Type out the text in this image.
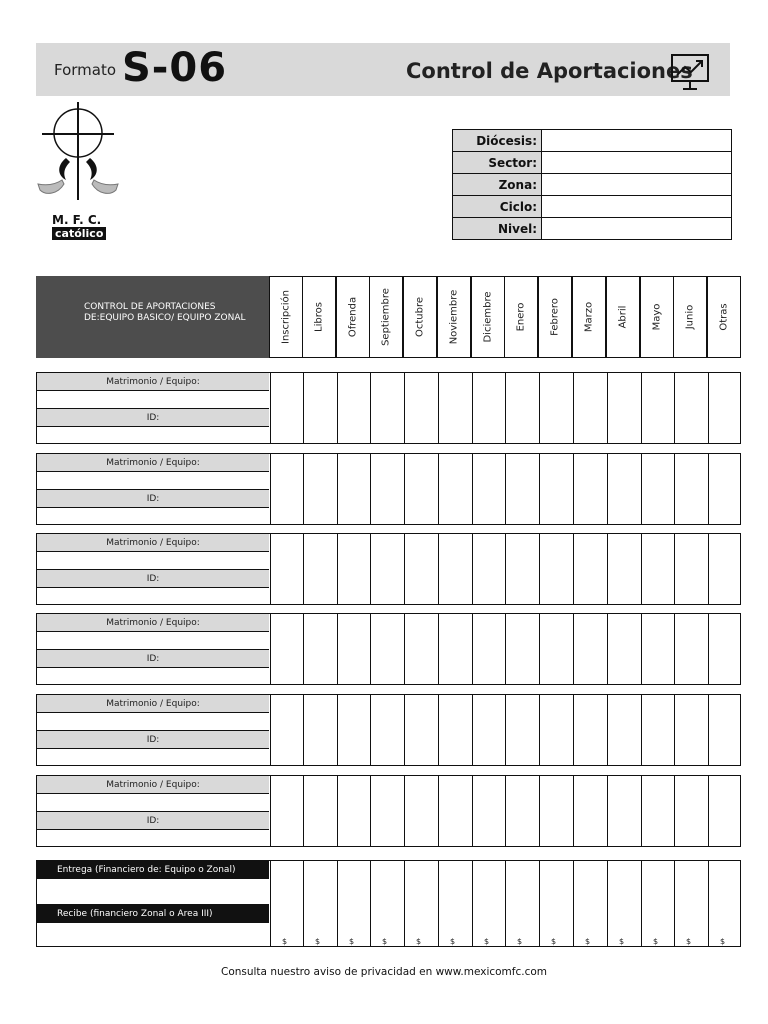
Formato S-06	Control de Aportaciones
M. F. C.
católico
Diócesis:	
Sector:	
Zona:	
Ciclo:	
Nivel:	
CONTROL DE APORTACIONES DE:EQUIPO BASICO/ EQUIPO ZONAL	Inscripción Libros Ofrenda Septiembre Octubre Noviembre Diciembre Enero Febrero Marzo Abril Mayo Junio Otras
Matrimonio / Equipo:
ID:
Matrimonio / Equipo:
ID:
Matrimonio / Equipo:
ID:
Matrimonio / Equipo:
ID:
Matrimonio / Equipo:
ID:
Matrimonio / Equipo:
ID:
Entrega (Financiero de: Equipo o Zonal)
Recibe (financiero Zonal o Area III)
$	$	$	$	$	$	$	$	$	$	$	$	$	$
Consulta nuestro aviso de privacidad en www.mexicomfc.com
